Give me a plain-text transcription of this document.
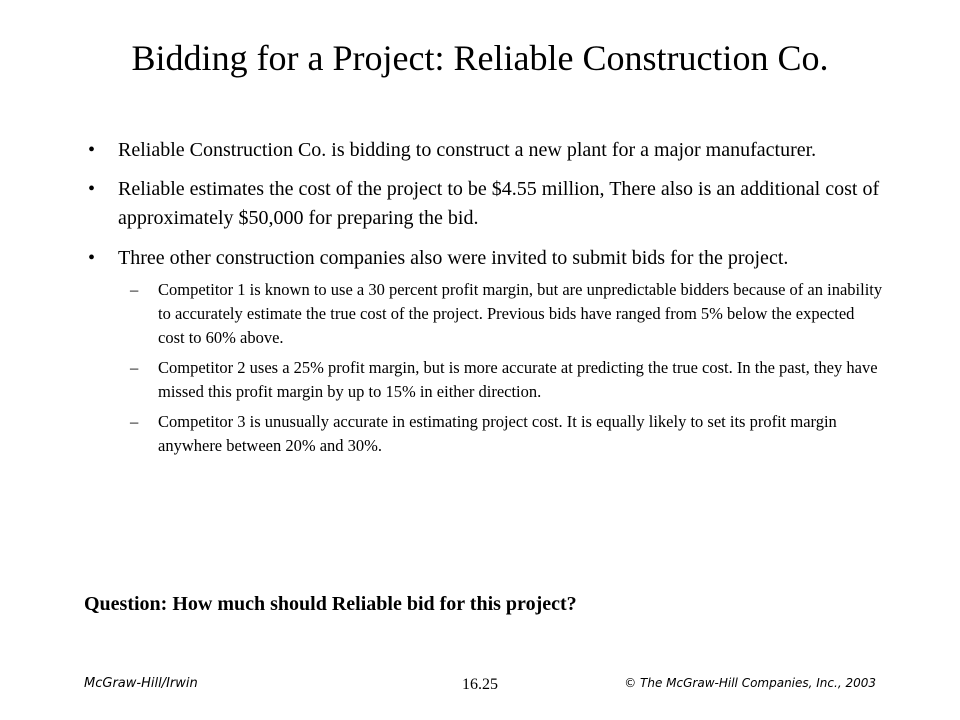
Bidding for a Project: Reliable Construction Co.
• Reliable Construction Co. is bidding to construct a new plant for a major manufacturer.
• Reliable estimates the cost of the project to be $4.55 million, There also is an additional cost of approximately $50,000 for preparing the bid.
• Three other construction companies also were invited to submit bids for the project.
– Competitor 1 is known to use a 30 percent profit margin, but are unpredictable bidders because of an inability to accurately estimate the true cost of the project. Previous bids have ranged from 5% below the expected cost to 60% above.
– Competitor 2 uses a 25% profit margin, but is more accurate at predicting the true cost. In the past, they have missed this profit margin by up to 15% in either direction.
– Competitor 3 is unusually accurate in estimating project cost. It is equally likely to set its profit margin anywhere between 20% and 30%.
Question: How much should Reliable bid for this project?
McGraw-Hill/Irwin	16.25	© The McGraw-Hill Companies, Inc., 2003
